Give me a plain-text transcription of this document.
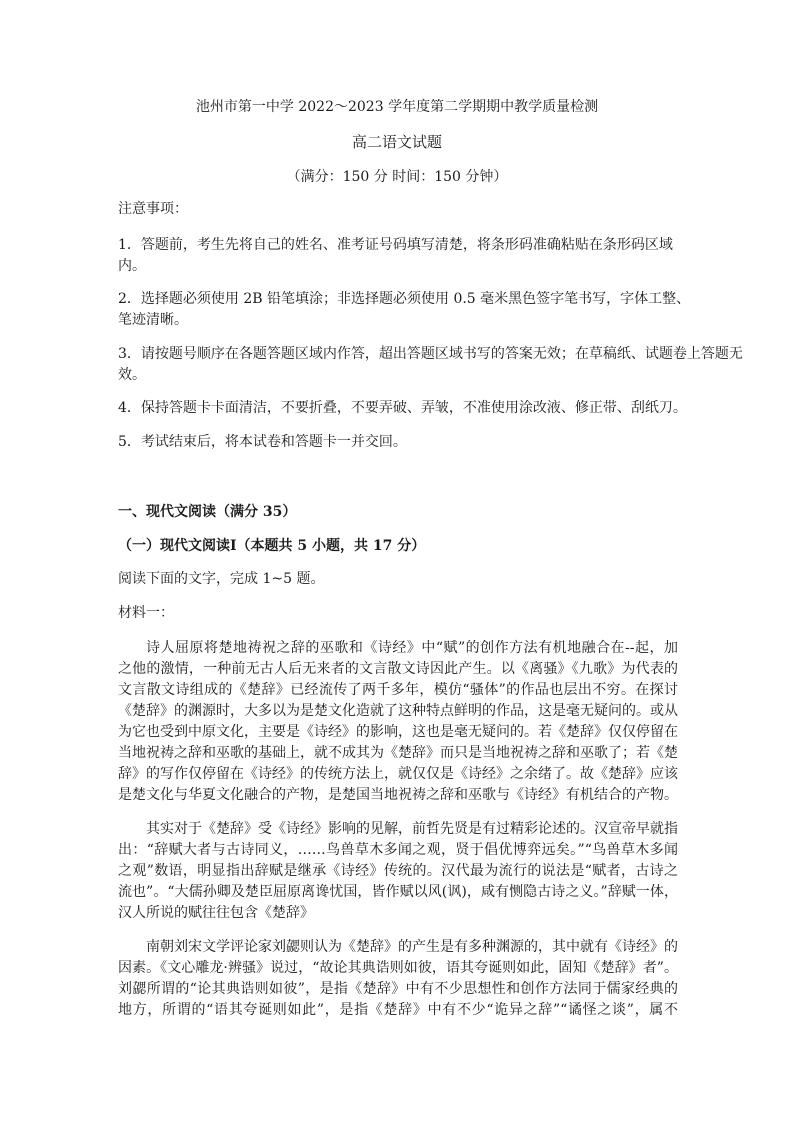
池州市第一中学 2022～2023 学年度第二学期期中教学质量检测
高二语文试题
（满分：150 分 时间：150 分钟）
注意事项：
1．答题前，考生先将自己的姓名、准考证号码填写清楚，将条形码准确粘贴在条形码区域
内。
2．选择题必须使用 2B 铅笔填涂；非选择题必须使用 0.5 毫米黑色签字笔书写，字体工整、
笔迹清晰。
3．请按题号顺序在各题答题区域内作答，超出答题区域书写的答案无效；在草稿纸、试题卷上答题无
效。
4．保持答题卡卡面清洁，不要折叠，不要弄破、弄皱，不准使用涂改液、修正带、刮纸刀。
5．考试结束后，将本试卷和答题卡一并交回。
一、现代文阅读（满分 35）
（一）现代文阅读Ⅰ（本题共 5 小题，共 17 分）
阅读下面的文字，完成 1~5 题。
材料一：
诗人屈原将楚地祷祝之辞的巫歌和《诗经》中“赋”的创作方法有机地融合在--起，加
之他的激情，一种前无古人后无来者的文言散文诗因此产生。以《离骚》《九歌》为代表的
文言散文诗组成的《楚辞》已经流传了两千多年，模仿“骚体”的作品也层出不穷。在探讨
《楚辞》的渊源时，大多以为是楚文化造就了这种特点鲜明的作品，这是毫无疑问的。或从
为它也受到中原文化，主要是《诗经》的影响，这也是毫无疑问的。若《楚辞》仅仅停留在
当地祝祷之辞和巫歌的基础上，就不成其为《楚辞》而只是当地祝祷之辞和巫歌了；若《楚
辞》的写作仅停留在《诗经》的传统方法上，就仅仅是《诗经》之余绪了。故《楚辞》应该
是楚文化与华夏文化融合的产物，是楚国当地祝祷之辞和巫歌与《诗经》有机结合的产物。
其实对于《楚辞》受《诗经》影响的见解，前哲先贤是有过精彩论述的。汉宣帝早就指
出：“辞赋大者与古诗同义，……鸟兽草木多闻之观，贤于倡优博弈远矣。”“鸟兽草木多闻
之观”数语，明显指出辞赋是继承《诗经》传统的。汉代最为流行的说法是“赋者，古诗之
流也”。“大儒孙卿及楚臣屈原离谗忧国，皆作赋以风(讽)，咸有恻隐古诗之义。”辞赋一体，
汉人所说的赋往往包含《楚辞》
南朝刘宋文学评论家刘勰则认为《楚辞》的产生是有多种渊源的，其中就有《诗经》的
因素。《文心雕龙·辨骚》说过，“故论其典诰则如彼，语其夸诞则如此，固知《楚辞》者”。
刘勰所谓的“论其典诰则如彼”，是指《楚辞》中有不少思想性和创作方法同于儒家经典的
地方，所谓的“语其夸诞则如此”，是指《楚辞》中有不少“诡异之辞”“谲怪之谈”，属不
